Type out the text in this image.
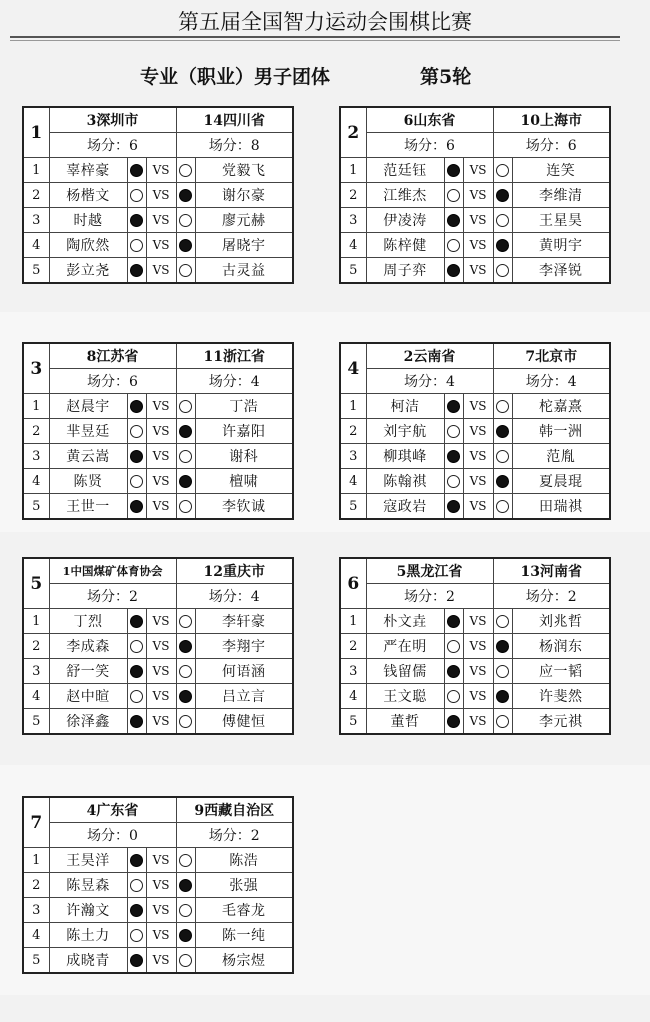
第五届全国智力运动会围棋比赛
专业（职业）男子团体	第5轮
1	3深圳市			14四川省	
	场分：6			场分：8	
1	辜梓豪		VS		党毅飞
2	杨楷文		VS		谢尔豪
3	时越		VS		廖元赫
4	陶欣然		VS		屠晓宇
5	彭立尧		VS		古灵益
2	6山东省			10上海市	
	场分：6			场分：6	
1	范廷钰		VS		连笑
2	江维杰		VS		李维清
3	伊凌涛		VS		王星昊
4	陈梓健		VS		黄明宇
5	周子弈		VS		李泽锐
3	8江苏省			11浙江省	
	场分：6			场分：4	
1	赵晨宇		VS		丁浩
2	芈昱廷		VS		许嘉阳
3	黄云嵩		VS		谢科
4	陈贤		VS		檀啸
5	王世一		VS		李钦诚
4	2云南省			7北京市	
	场分：4			场分：4	
1	柯洁		VS		柁嘉熹
2	刘宇航		VS		韩一洲
3	柳琪峰		VS		范胤
4	陈翰祺		VS		夏晨琨
5	寇政岩		VS		田瑞祺
5	1中国煤矿体育协会			12重庆市	
	场分：2			场分：4	
1	丁烈		VS		李轩豪
2	李成森		VS		李翔宇
3	舒一笑		VS		何语涵
4	赵中暄		VS		吕立言
5	徐泽鑫		VS		傅健恒
6	5黑龙江省			13河南省	
	场分：2			场分：2	
1	朴文垚		VS		刘兆哲
2	严在明		VS		杨润东
3	钱留儒		VS		应一韬
4	王文聪		VS		许斐然
5	董哲		VS		李元祺
7	4广东省			9西藏自治区	
	场分：0			场分：2	
1	王昊洋		VS		陈浩
2	陈昱森		VS		张强
3	许瀚文		VS		毛睿龙
4	陈土力		VS		陈一纯
5	成晓青		VS		杨宗煜
